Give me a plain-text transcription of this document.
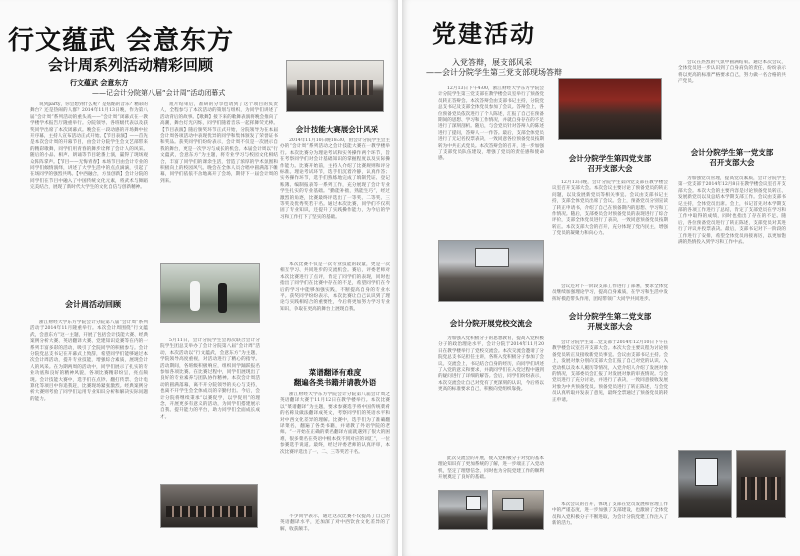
行文蕴武 会意东方
会计周系列活动精彩回顾
行文蕴武 会意东方
——记会计分院第八届“会计周”活动闭幕式
说到party，你会想到什么呢？是炫酷的音乐？精彩的舞台？还是热闹的人群？2014年11月13日晚，作为第八届“会计周”系列活动的重头戏——“会计周”闭幕式在一教学楼学术报告厅隆重举行。分院领导、各班级代表以及获奖同学出席了本次闭幕式。晚会在一段动感的开场舞中拉开序幕，主持人宣布活动正式开始。【节目表演】——首先是本次会计周的开幕节目，由会计分院学生会文艺部带来的精彩歌舞，同学们用青春的舞步诠释了会计人的风采。随后的小品、相声、朗诵等节目轮番上演，赢得了现场观众阵阵掌声。【节目——无悔青春】本场节目由会计专业的同学们倾情演绎，讲述了大学生活中的点点滴滴，引起了在场同学的强烈共鸣。【中西融合，方显创新】会计分院的同学们在节目中融入了中国传统文化元素，将武术与舞蹈完美结合，展现了新时代大学生的文化自信与创新精神。
短片结束后，准研的分享也请到了这个项目的负责人，全程参与了本次活动的策划与组织，为同学们讲述了活动背后的故事。【歌舞】接下来的歌舞表演将晚会推向了高潮，舞台灯光闪烁，同学们随着音乐一起挥舞荧光棒。【节目表演】随后颁奖环节正式开始，分院领导为在本届会计周各项活动中表现优异的同学和集体颁发了荣誉证书和奖品。获奖同学们纷纷表示，会计周不仅是一次展示自我的舞台，更是一次学习与成长的机会。本届会计周以“行文蕴武，会意东方”为主题，将专业学习与校园文化相结合，丰富了同学们的课余生活，营造了浓厚的学术氛围和积极向上的校园风气。晚会在全体人员合唱中圆满落下帷幕，同学们依依不舍地离开了会场，期待下一届会计周的到来。
会计周活动回顾
浙江财经大学东方学院会计分院第八届“会计周”系列活动于2014年11月隆重举行。本次会计周围绕“行文蕴武，会意东方”这一主题，开展了包括会计技能大赛、经典案例分析大赛、英语翻译大赛、党建知识竞赛等在内的一系列丰富多彩的活动，吸引了全院同学的积极参与。会计分院党总支书记在开幕式上致辞，希望同学们能够通过本次会计周活动，提升专业技能，增强综合素质，展现会计人的风采。在为期两周的活动中，同学们展示了扎实的专业功底和良好的精神风貌，各项比赛精彩纷呈，亮点频现。会计技能大赛中，选手们在点钞、翻打传票、会计电算化等项目中你追我赶，比赛现场紧张激烈。经典案例分析大赛则考验了同学们运用专业知识分析和解决实际问题的能力。
5月11日，会计分院学生会再次联合会计分院学生团总支举办了会计分院第八届“会计周”活动，本次活动以“行文蕴武，会意东方”为主题，学院领导高度重视，对活动进行了精心的指导。活动期间，各班级积极响应，组织同学踊跃报名参加各项比赛。在比赛过程中，同学们展现出了良好的专业素养与团队协作精神。本次会计周活动的圆满落幕，离不开分院领导的关心与支持，也离不开学生会全体成员的辛勤付出。今后，会计分院将继续秉承“以赛促学，以学促用”的理念，开展更多有意义的活动，为同学们搭建展示自我、提升能力的平台，助力同学们全面成长成才。
会计技能大赛展会计风采
2014年11月10日晚18:30，由会计分院学生会主办的“会计周”系列活动之会计技能大赛在一教学楼举行。本次比赛分为理论考试和实务操作两个环节，旨在考察同学们对会计基础知识的掌握程度以及实际操作能力。比赛开始前，主持人介绍了比赛规则和评分标准。理论考试环节，选手们沉着冷静，认真作答；实务操作环节，选手们熟练地完成了填制凭证、登记账簿、编制报表等一系列工作，充分展现了会计专业学生扎实的专业基础。“勤能补拙，熟能生巧”，经过激烈的角逐，比赛最终评选出了一等奖、二等奖、三等奖及优秀奖若干名。通过本次比赛，同学们不仅巩固了专业知识，还提升了实践操作能力，为今后的学习和工作打下了坚实的基础。
本次比赛不仅是一次专业技能的较量，更是一次相互学习、共同进步的交流机会。赛后，评委老师对本次比赛进行了点评，肯定了同学们的表现，同时也指出了同学们在比赛中存在的不足，希望同学们在今后的学习中能够加强实践，不断提高自身的专业水平。获奖同学纷纷表示，本次比赛让自己认识到了理论与实践相结合的重要性，今后将更加努力学习专业知识，争取在更高的舞台上展现自我。
菜谱翻译有难度
翻遍各类书籍并请教外语
浙江财经大学东方学院会计分院第八届会计周之英语翻译大赛于11月12日在教学楼举行。本次比赛以“菜谱翻译”为主题，要求参赛选手将中国传统菜肴的名称及做法翻译成英文，考察同学们的英语水平和对中西文化差异的理解。比赛中，选手们为了准确翻译菜名，翻遍了各类书籍，并请教了外语学院的老师。“一开始在正确的菜名翻译方面就遇到了很大的困难，很多菜名在英语中根本找不到对应的词汇”，一位参赛选手说道。最终，经过评委老师的认真评审，本次比赛评选出了一、二、三等奖若干名。
不少同学表示，通过这次比赛不仅提高了自己的英语翻译水平，还加深了对中西饮食文化差异的了解，收获颇丰。
党建活动
入党答辩，展支部风采
——会计分院学生第三党支部现场答辩
12月13日下午4:00，浙江财经大学东方学院会计分院学生第三党支部在教学楼会议室举行了预备党员转正答辩会。本次答辩会由支部书记主持，分院党总支书记及支部全体党员参加了会议。答辩会上，各位预备党员依次进行了个人陈述，汇报了自己在预备期间的思想、学习和工作情况，并就自身存在的不足进行了深刻剖析。随后，与会党员针对答辩人的陈述进行了提问，答辩人一一作答。最后，支部全体党员进行了无记名投票表决，一致同意各位预备党员按期转为中共正式党员。本次答辩会的召开，进一步加强了支部党员队伍建设，增强了党员的责任感和使命感。
会计分院开展党校交流会
为加强入党积极分子的思想教育，提高入党积极分子的政治理论水平，会计分院于2014年11月20日在教学楼举行了党校交流会。本次交流会邀请了分院党总支书记担任主讲，各班入党积极分子参加了会议。交流会上，书记结合自身的经历，向同学们讲述了入党的意义和要求，并就同学们在入党过程中遇到的疑问进行了详细的解答。会后，同学们纷纷表示，本次交流会让自己对党有了更深刻的认识，今后将以更高的标准要求自己，积极向党组织靠拢。
此次交流会的开展，使入党积极分子对党的基本理论知识有了更加系统的了解，进一步端正了入党动机，坚定了理想信念，同时也为分院党建工作的顺利开展奠定了良好的基础。
会计分院学生第四党支部
召开支部大会
12月13日晚，会计分院学生第四党支部在教学楼会议室召开支部大会。本次会议主要讨论了预备党员的转正问题，以及发展新党员等相关事宜。会议由支部书记主持，支部全体党员出席了会议。会上，预备党员分别宣读了转正申请书，介绍了自己在预备期内的思想、学习和工作情况。随后，支部委员会对预备党员的表现进行了综合评价，支部全体党员进行了表决，一致同意预备党员按期转正。本次支部大会的召开，充分体现了党内民主，增强了党员的凝聚力和向心力。
会议还对下一阶段支部工作进行了部署，要求全体党员继续加强理论学习，提高自身素质，在学习和生活中发挥好模范带头作用，团结带领广大同学共同进步。
会计分院学生第二党支部
开展支部大会
会计分院学生第二党支部于2014年12月10日下午在教学楼会议室召开支部大会。本次大会主要议程为讨论预备党员转正及接收新党员事宜。会议由支部书记主持。会上，发展对象分别向支部大会汇报了自己对党的认识、入党动机以及本人履历等情况，入党介绍人介绍了发展对象的情况，支部委员会汇报了对发展对象的审查情况。与会党员进行了充分讨论，并进行了表决，一致同意接收发展对象为中共预备党员。预备党员进行了转正陈述，与会党员认真听取并发表了意见，最终全票通过了预备党员的转正申请。
本次会议的召开，体现了支部在党员发展和管理工作中的严谨态度，进一步加强了支部建设，也激励了全体党员和入党积极分子不断进取，为会计分院党建工作注入了新的活力。
会议在热烈的气氛中圆满结束。通过本次会议，全体党员进一步认识到了自身肩负的责任，纷纷表示将以更高的标准严格要求自己，努力做一名合格的共产党员。
会计分院学生第一党支部
召开支部大会
为加强党员管理，提高党员素质，会计分院学生第一党支部于2014年12月8日在教学楼会议室召开支部大会。本次大会的主要内容是讨论预备党员转正、发展新党员以及总结本学期支部工作。会议由支部书记主持，全体党员出席。会上，书记首先对本学期支部的各项工作进行了总结，肯定了支部党员在学习和工作中取得的成绩，同时也指出了存在的不足。随后，各位预备党员进行了转正陈述，支部党员对其进行了评议并投票表决。最后，支部书记对下一阶段的工作进行了安排，希望全体党员再接再厉，以更加饱满的热情投入到学习和工作中去。
